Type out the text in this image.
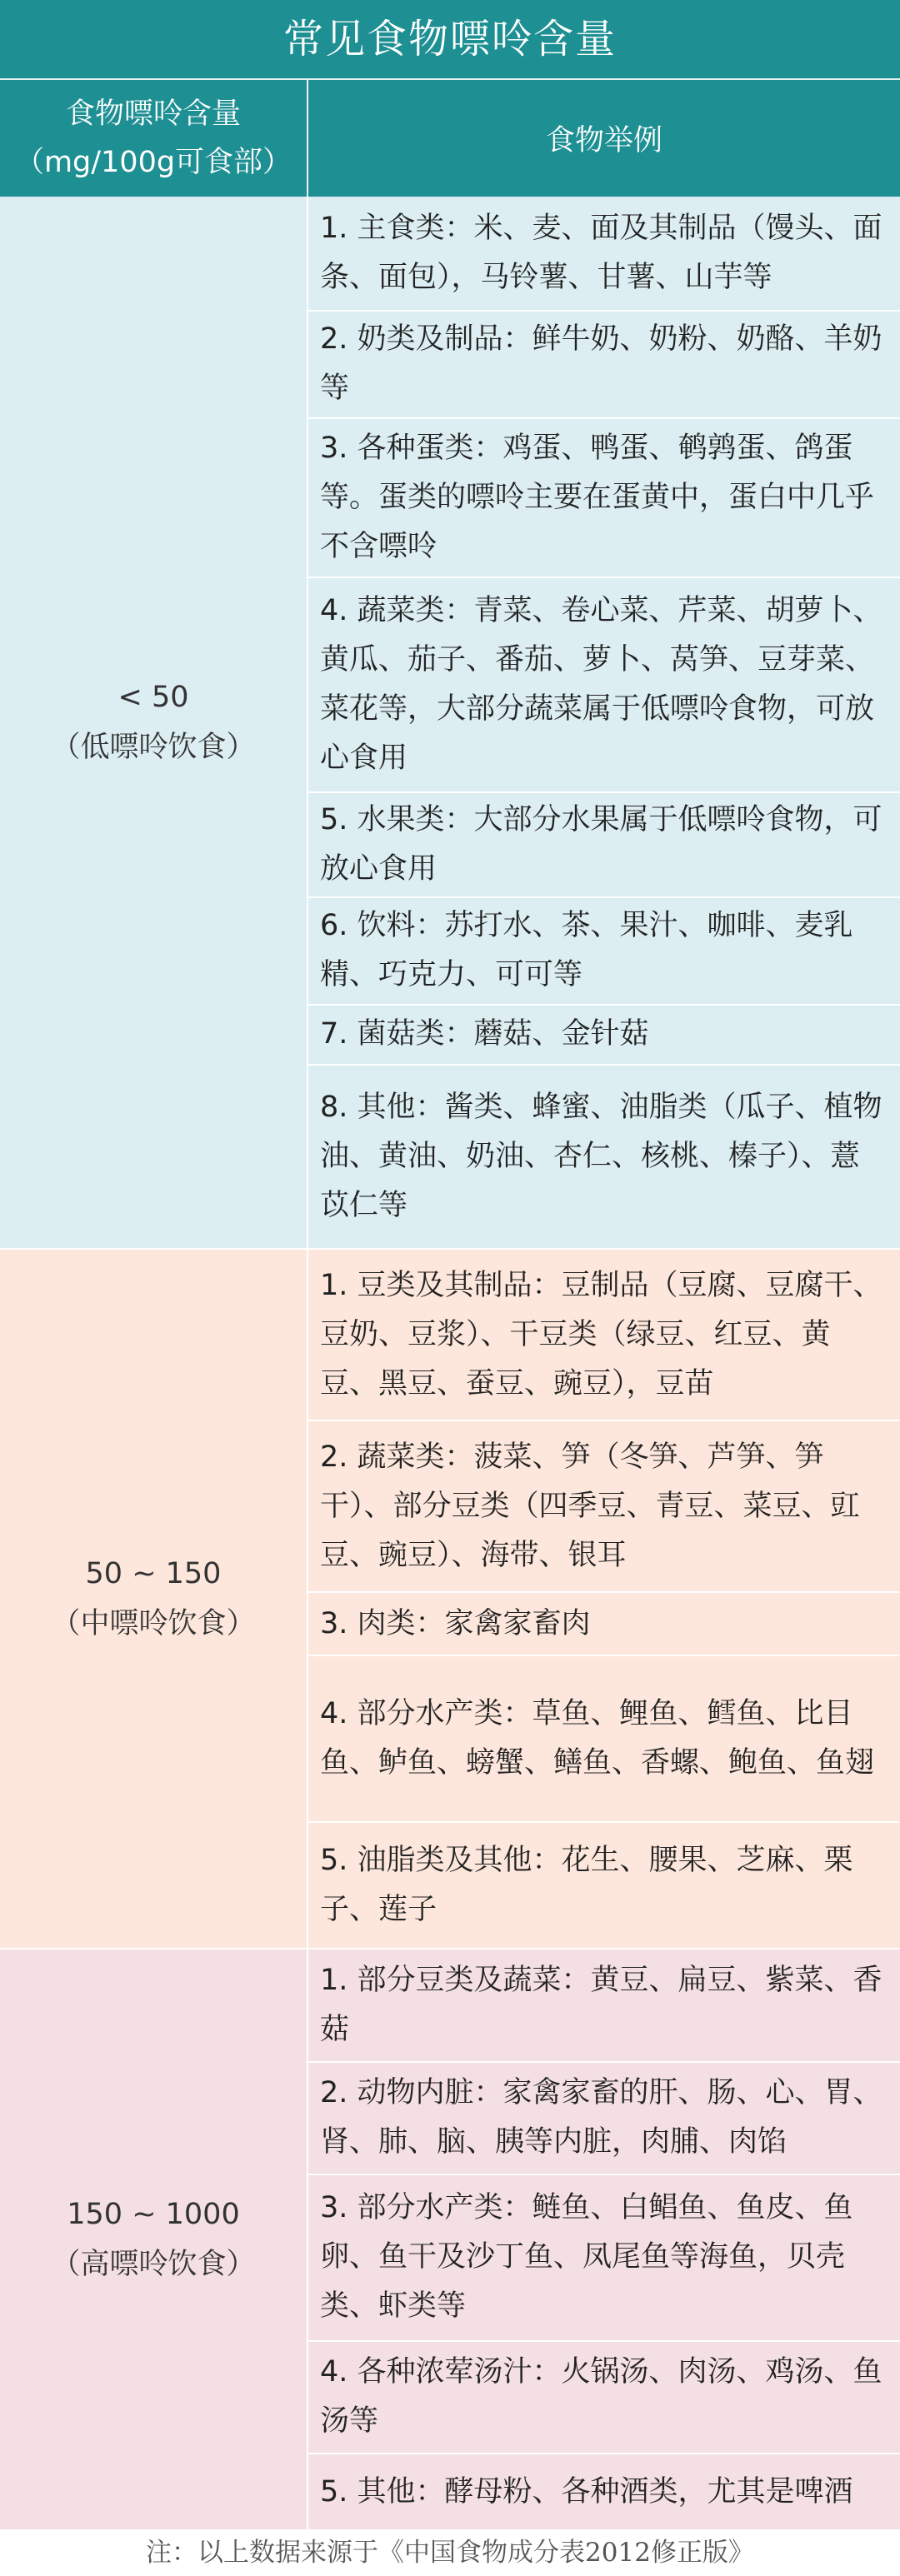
常见食物嘌呤含量
食物嘌呤含量
（mg/100g可食部）
食物举例
< 50
（低嘌呤饮食）
1. 主食类：米、麦、面及其制品（馒头、面条、面包），马铃薯、甘薯、山芋等
2. 奶类及制品：鲜牛奶、奶粉、奶酪、羊奶等
3. 各种蛋类：鸡蛋、鸭蛋、鹌鹑蛋、鸽蛋等。蛋类的嘌呤主要在蛋黄中，蛋白中几乎不含嘌呤
4. 蔬菜类：青菜、卷心菜、芹菜、胡萝卜、黄瓜、茄子、番茄、萝卜、莴笋、豆芽菜、菜花等，大部分蔬菜属于低嘌呤食物，可放心食用
5. 水果类：大部分水果属于低嘌呤食物，可放心食用
6. 饮料：苏打水、茶、果汁、咖啡、麦乳精、巧克力、可可等
7. 菌菇类：蘑菇、金针菇
8. 其他：酱类、蜂蜜、油脂类（瓜子、植物油、黄油、奶油、杏仁、核桃、榛子）、薏苡仁等
50 ~ 150
（中嘌呤饮食）
1. 豆类及其制品：豆制品（豆腐、豆腐干、豆奶、豆浆）、干豆类（绿豆、红豆、黄豆、黑豆、蚕豆、豌豆），豆苗
2. 蔬菜类：菠菜、笋（冬笋、芦笋、笋干）、部分豆类（四季豆、青豆、菜豆、豇豆、豌豆）、海带、银耳
3. 肉类：家禽家畜肉
4. 部分水产类：草鱼、鲤鱼、鳕鱼、比目鱼、鲈鱼、螃蟹、鳝鱼、香螺、鲍鱼、鱼翅
5. 油脂类及其他：花生、腰果、芝麻、栗子、莲子
150 ~ 1000
（高嘌呤饮食）
1. 部分豆类及蔬菜：黄豆、扁豆、紫菜、香菇
2. 动物内脏：家禽家畜的肝、肠、心、胃、肾、肺、脑、胰等内脏，肉脯、肉馅
3. 部分水产类：鲢鱼、白鲳鱼、鱼皮、鱼卵、鱼干及沙丁鱼、凤尾鱼等海鱼，贝壳类、虾类等
4. 各种浓荤汤汁：火锅汤、肉汤、鸡汤、鱼汤等
5. 其他：酵母粉、各种酒类，尤其是啤酒
注：以上数据来源于《中国食物成分表2012修正版》
